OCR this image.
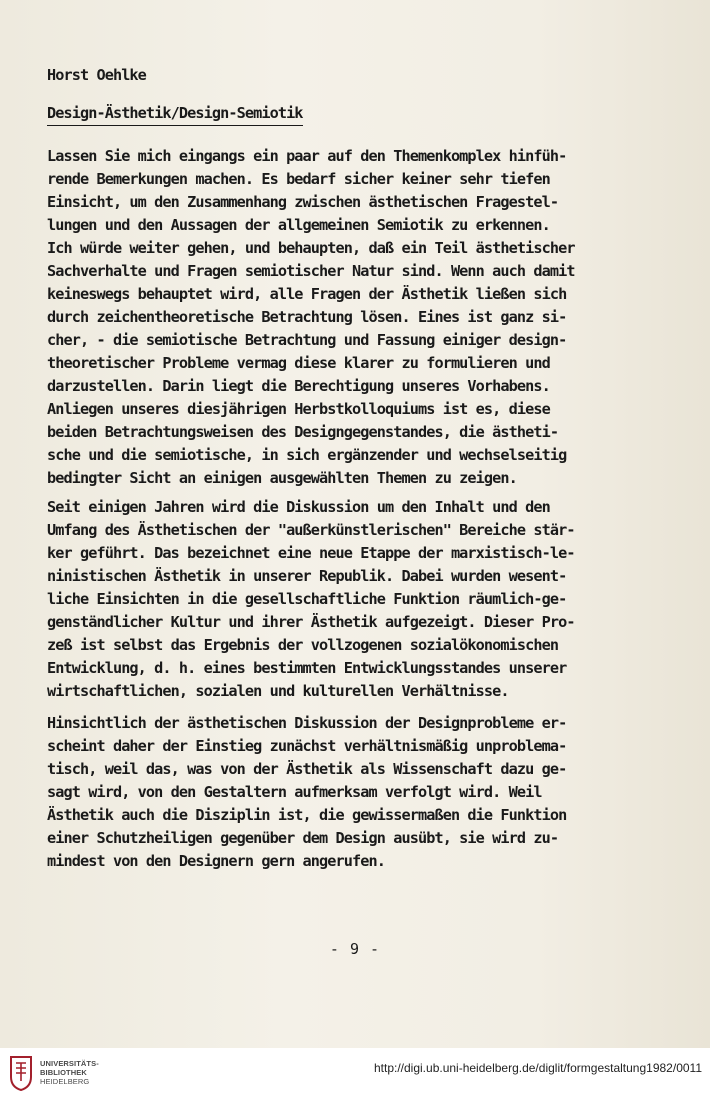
Horst Oehlke
Design-Ästhetik/Design-Semiotik
Lassen Sie mich eingangs ein paar auf den Themenkomplex hinfüh-
rende Bemerkungen machen. Es bedarf sicher keiner sehr tiefen
Einsicht, um den Zusammenhang zwischen ästhetischen Fragestel-
lungen und den Aussagen der allgemeinen Semiotik zu erkennen.
Ich würde weiter gehen, und behaupten, daß ein Teil ästhetischer
Sachverhalte und Fragen semiotischer Natur sind. Wenn auch damit
keineswegs behauptet wird, alle Fragen der Ästhetik ließen sich
durch zeichentheoretische Betrachtung lösen. Eines ist ganz si-
cher, - die semiotische Betrachtung und Fassung einiger design-
theoretischer Probleme vermag diese klarer zu formulieren und
darzustellen. Darin liegt die Berechtigung unseres Vorhabens.
Anliegen unseres diesjährigen Herbstkolloquiums ist es, diese
beiden Betrachtungsweisen des Designgegenstandes, die ästheti-
sche und die semiotische, in sich ergänzender und wechselseitig
bedingter Sicht an einigen ausgewählten Themen zu zeigen.
Seit einigen Jahren wird die Diskussion um den Inhalt und den
Umfang des Ästhetischen der "außerkünstlerischen" Bereiche stär-
ker geführt. Das bezeichnet eine neue Etappe der marxistisch-le-
ninistischen Ästhetik in unserer Republik. Dabei wurden wesent-
liche Einsichten in die gesellschaftliche Funktion räumlich-ge-
genständlicher Kultur und ihrer Ästhetik aufgezeigt. Dieser Pro-
zeß ist selbst das Ergebnis der vollzogenen sozialökonomischen
Entwicklung, d. h. eines bestimmten Entwicklungsstandes unserer
wirtschaftlichen, sozialen und kulturellen Verhältnisse.
Hinsichtlich der ästhetischen Diskussion der Designprobleme er-
scheint daher der Einstieg zunächst verhältnismäßig unproblema-
tisch, weil das, was von der Ästhetik als Wissenschaft dazu ge-
sagt wird, von den Gestaltern aufmerksam verfolgt wird. Weil
Ästhetik auch die Disziplin ist, die gewissermaßen die Funktion
einer Schutzheiligen gegenüber dem Design ausübt, sie wird zu-
mindest von den Designern gern angerufen.
- 9 -
UNIVERSITÄTS-
BIBLIOTHEK
HEIDELBERG
http://digi.ub.uni-heidelberg.de/diglit/formgestaltung1982/0011
